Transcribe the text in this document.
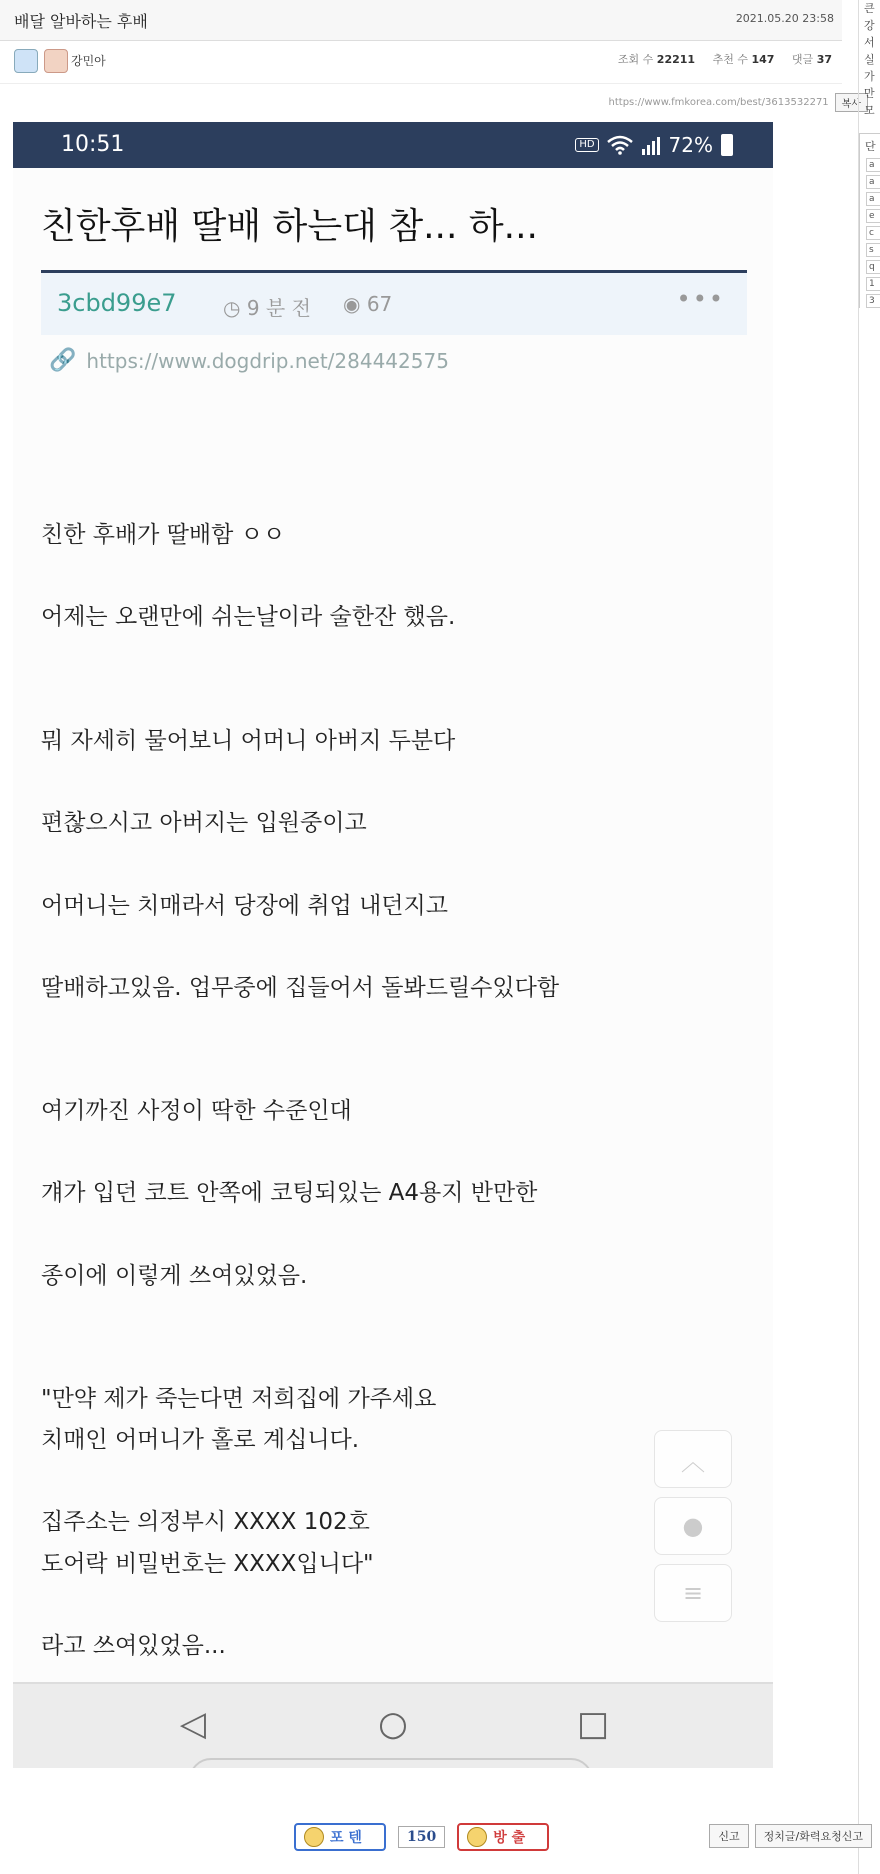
배달 알바하는 후배	2021.05.20 23:58
강민아	조회 수 22211 추천 수 147 댓글 37
https://www.fmkorea.com/best/3613532271	복사
큰
강
서
실
가
만
모
단
a
a
a
e
c
s
q
1
3
10:51	HD	72%
친한후배 딸배 하는대 참... 하...
3cbd99e7 ◷ 9 분 전 ◉ 67	•••
🔗 https://www.dogdrip.net/284442575
친한 후배가 딸배함 ㅇㅇ
어제는 오랜만에 쉬는날이라 술한잔 했음.
뭐 자세히 물어보니 어머니 아버지 두분다
편찮으시고 아버지는 입원중이고
어머니는 치매라서 당장에 취업 내던지고
딸배하고있음. 업무중에 집들어서 돌봐드릴수있다함
여기까진 사정이 딱한 수준인대
걔가 입던 코트 안쪽에 코팅되있는 A4용지 반만한
종이에 이렇게 쓰여있었음.
"만약 제가 죽는다면 저희집에 가주세요
치매인 어머니가 홀로 계십니다.
집주소는 의정부시 XXXX 102호
도어락 비밀번호는 XXXX입니다"
라고 쓰여있었음...
︿
●
≡
◁	○	□
포 텐	150	방 출	신고	정치글/화력요청신고
